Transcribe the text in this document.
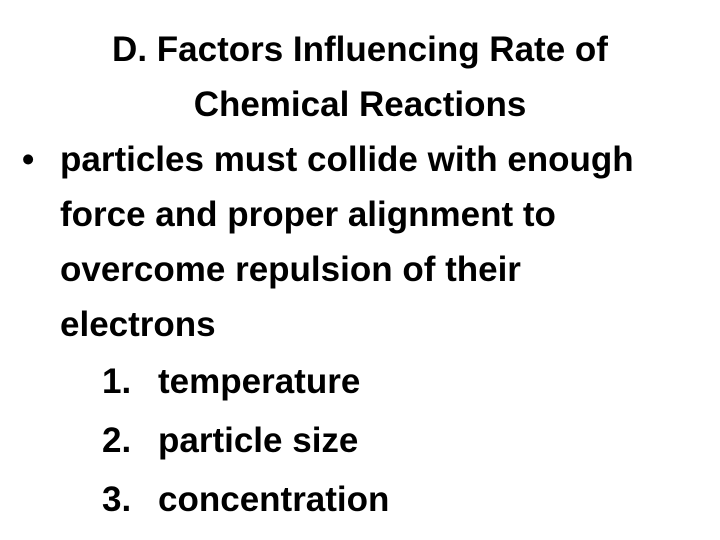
D. Factors Influencing Rate of
Chemical Reactions
• particles must collide with enough
force and proper alignment to
overcome repulsion of their
electrons
1. temperature
2. particle size
3. concentration
